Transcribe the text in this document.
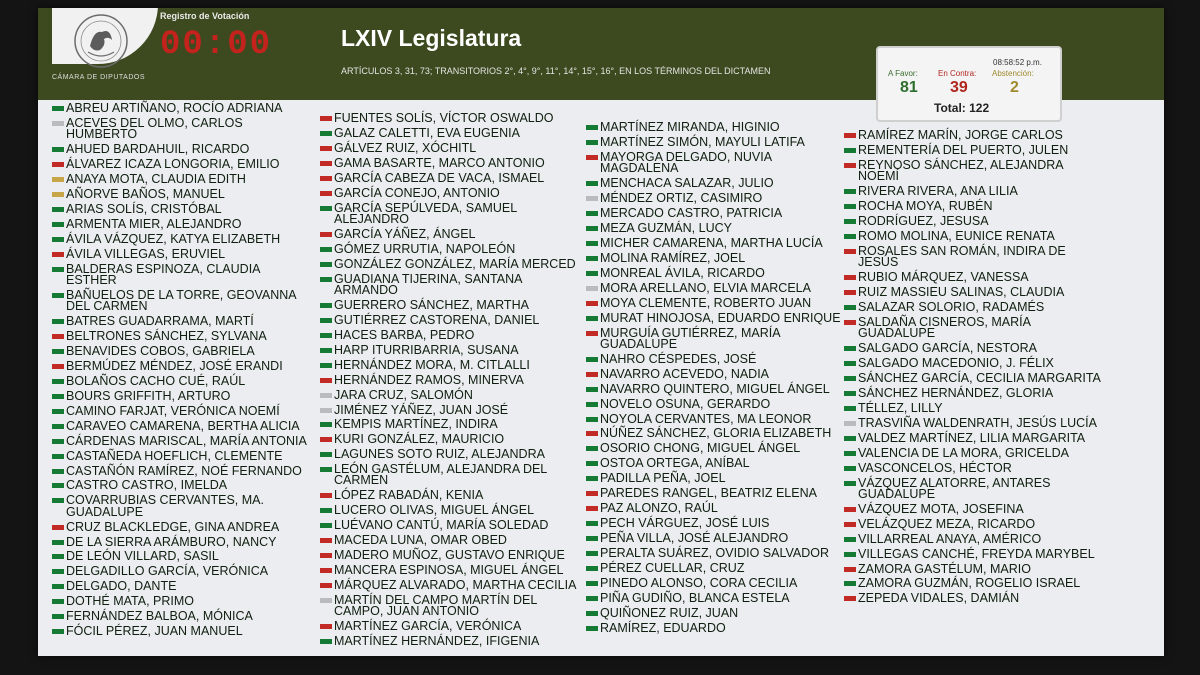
CÁMARA DE DIPUTADOS
Registro de Votación
00:00	LXIV Legislatura
ARTÍCULOS 3, 31, 73; TRANSITORIOS 2°, 4°, 9°, 11°, 14°, 15°, 16°, EN LOS TÉRMINOS DEL DICTAMEN
08:58:52 p.m.
A Favor:	En Contra: Abstención:
81 39	2
Total: 122
ABREU ARTIÑANO, ROCÍO ADRIANA
ACEVES DEL OLMO, CARLOS
HUMBERTO
AHUED BARDAHUIL, RICARDO
ÁLVAREZ ICAZA LONGORIA, EMILIO
ANAYA MOTA, CLAUDIA EDITH
AÑORVE BAÑOS, MANUEL
ARIAS SOLÍS, CRISTÓBAL
ARMENTA MIER, ALEJANDRO
ÁVILA VÁZQUEZ, KATYA ELIZABETH
ÁVILA VILLEGAS, ERUVIEL
BALDERAS ESPINOZA, CLAUDIA
ESTHER
BAÑUELOS DE LA TORRE, GEOVANNA
DEL CARMEN
BATRES GUADARRAMA, MARTÍ
BELTRONES SÁNCHEZ, SYLVANA
BENAVIDES COBOS, GABRIELA
BERMÚDEZ MÉNDEZ, JOSÉ ERANDI
BOLAÑOS CACHO CUÉ, RAÚL
BOURS GRIFFITH, ARTURO
CAMINO FARJAT, VERÓNICA NOEMÍ
CARAVEO CAMARENA, BERTHA ALICIA
CÁRDENAS MARISCAL, MARÍA ANTONIA
CASTAÑEDA HOEFLICH, CLEMENTE
CASTAÑÓN RAMÍREZ, NOÉ FERNANDO
CASTRO CASTRO, IMELDA
COVARRUBIAS CERVANTES, MA.
GUADALUPE
CRUZ BLACKLEDGE, GINA ANDREA
DE LA SIERRA ARÁMBURO, NANCY
DE LEÓN VILLARD, SASIL
DELGADILLO GARCÍA, VERÓNICA
DELGADO, DANTE
DOTHÉ MATA, PRIMO
FERNÁNDEZ BALBOA, MÓNICA
FÓCIL PÉREZ, JUAN MANUEL
FUENTES SOLÍS, VÍCTOR OSWALDO
GALAZ CALETTI, EVA EUGENIA
GÁLVEZ RUIZ, XÓCHITL
GAMA BASARTE, MARCO ANTONIO
GARCÍA CABEZA DE VACA, ISMAEL
GARCÍA CONEJO, ANTONIO
GARCÍA SEPÚLVEDA, SAMUEL
ALEJANDRO
GARCÍA YÁÑEZ, ÁNGEL
GÓMEZ URRUTIA, NAPOLEÓN
GONZÁLEZ GONZÁLEZ, MARÍA MERCED
GUADIANA TIJERINA, SANTANA
ARMANDO
GUERRERO SÁNCHEZ, MARTHA
GUTIÉRREZ CASTORENA, DANIEL
HACES BARBA, PEDRO
HARP ITURRIBARRIA, SUSANA
HERNÁNDEZ MORA, M. CITLALLI
HERNÁNDEZ RAMOS, MINERVA
JARA CRUZ, SALOMÓN
JIMÉNEZ YÁÑEZ, JUAN JOSÉ
KEMPIS MARTÍNEZ, INDIRA
KURI GONZÁLEZ, MAURICIO
LAGUNES SOTO RUIZ, ALEJANDRA
LEÓN GASTÉLUM, ALEJANDRA DEL
CARMEN
LÓPEZ RABADÁN, KENIA
LUCERO OLIVAS, MIGUEL ÁNGEL
LUÉVANO CANTÚ, MARÍA SOLEDAD
MACEDA LUNA, OMAR OBED
MADERO MUÑOZ, GUSTAVO ENRIQUE
MANCERA ESPINOSA, MIGUEL ÁNGEL
MÁRQUEZ ALVARADO, MARTHA CECILIA
MARTÍN DEL CAMPO MARTÍN DEL
CAMPO, JUAN ANTONIO
MARTÍNEZ GARCÍA, VERÓNICA
MARTÍNEZ HERNÁNDEZ, IFIGENIA
MARTÍNEZ MIRANDA, HIGINIO
MARTÍNEZ SIMÓN, MAYULI LATIFA
MAYORGA DELGADO, NUVIA
MAGDALENA
MENCHACA SALAZAR, JULIO
MÉNDEZ ORTIZ, CASIMIRO
MERCADO CASTRO, PATRICIA
MEZA GUZMÁN, LUCY
MICHER CAMARENA, MARTHA LUCÍA
MOLINA RAMÍREZ, JOEL
MONREAL ÁVILA, RICARDO
MORA ARELLANO, ELVIA MARCELA
MOYA CLEMENTE, ROBERTO JUAN
MURAT HINOJOSA, EDUARDO ENRIQUE
MURGUÍA GUTIÉRREZ, MARÍA
GUADALUPE
NAHRO CÉSPEDES, JOSÉ
NAVARRO ACEVEDO, NADIA
NAVARRO QUINTERO, MIGUEL ÁNGEL
NOVELO OSUNA, GERARDO
NOYOLA CERVANTES, MA LEONOR
NÚÑEZ SÁNCHEZ, GLORIA ELIZABETH
OSORIO CHONG, MIGUEL ÁNGEL
OSTOA ORTEGA, ANÍBAL
PADILLA PEÑA, JOEL
PAREDES RANGEL, BEATRIZ ELENA
PAZ ALONZO, RAÚL
PECH VÁRGUEZ, JOSÉ LUIS
PEÑA VILLA, JOSÉ ALEJANDRO
PERALTA SUÁREZ, OVIDIO SALVADOR
PÉREZ CUELLAR, CRUZ
PINEDO ALONSO, CORA CECILIA
PIÑA GUDIÑO, BLANCA ESTELA
QUIÑONEZ RUIZ, JUAN
RAMÍREZ, EDUARDO
RAMÍREZ MARÍN, JORGE CARLOS
REMENTERÍA DEL PUERTO, JULEN
REYNOSO SÁNCHEZ, ALEJANDRA
NOEMÍ
RIVERA RIVERA, ANA LILIA
ROCHA MOYA, RUBÉN
RODRÍGUEZ, JESUSA
ROMO MOLINA, EUNICE RENATA
ROSALES SAN ROMÁN, INDIRA DE
JESÚS
RUBIO MÁRQUEZ, VANESSA
RUIZ MASSIEU SALINAS, CLAUDIA
SALAZAR SOLORIO, RADAMÉS
SALDAÑA CISNEROS, MARÍA
GUADALUPE
SALGADO GARCÍA, NESTORA
SALGADO MACEDONIO, J. FÉLIX
SÁNCHEZ GARCÍA, CECILIA MARGARITA
SÁNCHEZ HERNÁNDEZ, GLORIA
TÉLLEZ, LILLY
TRASVIÑA WALDENRATH, JESÚS LUCÍA
VALDEZ MARTÍNEZ, LILIA MARGARITA
VALENCIA DE LA MORA, GRICELDA
VASCONCELOS, HÉCTOR
VÁZQUEZ ALATORRE, ANTARES
GUADALUPE
VÁZQUEZ MOTA, JOSEFINA
VELÁZQUEZ MEZA, RICARDO
VILLARREAL ANAYA, AMÉRICO
VILLEGAS CANCHÉ, FREYDA MARYBEL
ZAMORA GASTÉLUM, MARIO
ZAMORA GUZMÁN, ROGELIO ISRAEL
ZEPEDA VIDALES, DAMIÁN
